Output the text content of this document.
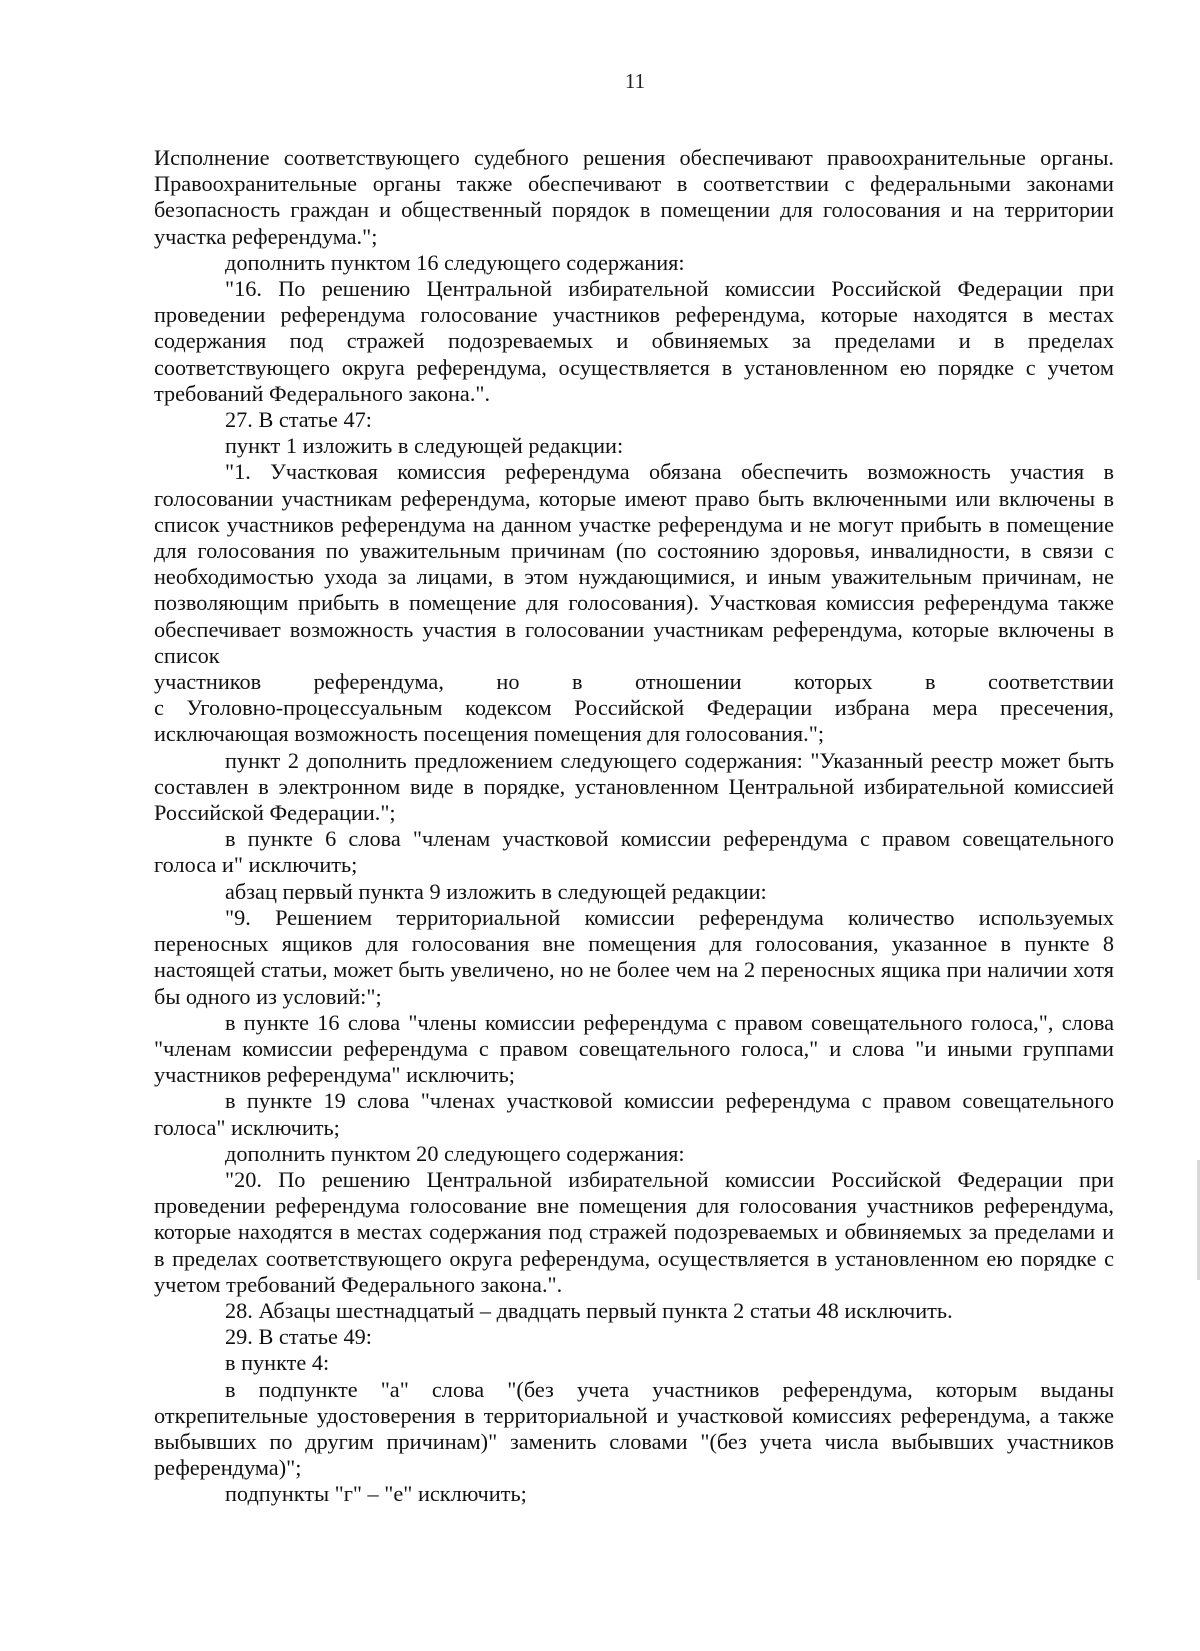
11

Исполнение соответствующего судебного решения обеспечивают правоохранительные органы. Правоохранительные органы также обеспечивают в соответствии с федеральными законами безопасность граждан и общественный порядок в помещении для голосования и на территории участка референдума.";

дополнить пунктом 16 следующего содержания:

"16. По решению Центральной избирательной комиссии Российской Федерации при проведении референдума голосование участников референдума, которые находятся в местах содержания под стражей подозреваемых и обвиняемых за пределами и в пределах соответствующего округа референдума, осуществляется в установленном ею порядке с учетом требований Федерального закона.".

27. В статье 47:

пункт 1 изложить в следующей редакции:

"1. Участковая комиссия референдума обязана обеспечить возможность участия в голосовании участникам референдума, которые имеют право быть включенными или включены в список участников референдума на данном участке референдума и не могут прибыть в помещение для голосования по уважительным причинам (по состоянию здоровья, инвалидности, в связи с необходимостью ухода за лицами, в этом нуждающимися, и иным уважительным причинам, не позволяющим прибыть в помещение для голосования). Участковая комиссия референдума также обеспечивает возможность участия в голосовании участникам референдума, которые включены в список

участников референдума, но в отношении которых в соответствии

с Уголовно-процессуальным кодексом Российской Федерации избрана мера пресечения, исключающая возможность посещения помещения для голосования.";

пункт 2 дополнить предложением следующего содержания: "Указанный реестр может быть составлен в электронном виде в порядке, установленном Центральной избирательной комиссией Российской Федерации.";

в пункте 6 слова "членам участковой комиссии референдума с правом совещательного голоса и" исключить;

абзац первый пункта 9 изложить в следующей редакции:

"9. Решением территориальной комиссии референдума количество используемых переносных ящиков для голосования вне помещения для голосования, указанное в пункте 8 настоящей статьи, может быть увеличено, но не более чем на 2 переносных ящика при наличии хотя бы одного из условий:";

в пункте 16 слова "члены комиссии референдума с правом совещательного голоса,", слова "членам комиссии референдума с правом совещательного голоса," и слова "и иными группами участников референдума" исключить;

в пункте 19 слова "членах участковой комиссии референдума с правом совещательного голоса" исключить;

дополнить пунктом 20 следующего содержания:

"20. По решению Центральной избирательной комиссии Российской Федерации при проведении референдума голосование вне помещения для голосования участников референдума, которые находятся в местах содержания под стражей подозреваемых и обвиняемых за пределами и в пределах соответствующего округа референдума, осуществляется в установленном ею порядке с учетом требований Федерального закона.".

28. Абзацы шестнадцатый – двадцать первый пункта 2 статьи 48 исключить.

29. В статье 49:

в пункте 4:

в подпункте "а" слова "(без учета участников референдума, которым выданы открепительные удостоверения в территориальной и участковой комиссиях референдума, а также выбывших по другим причинам)" заменить словами "(без учета числа выбывших участников референдума)";

подпункты "г" – "е" исключить;
